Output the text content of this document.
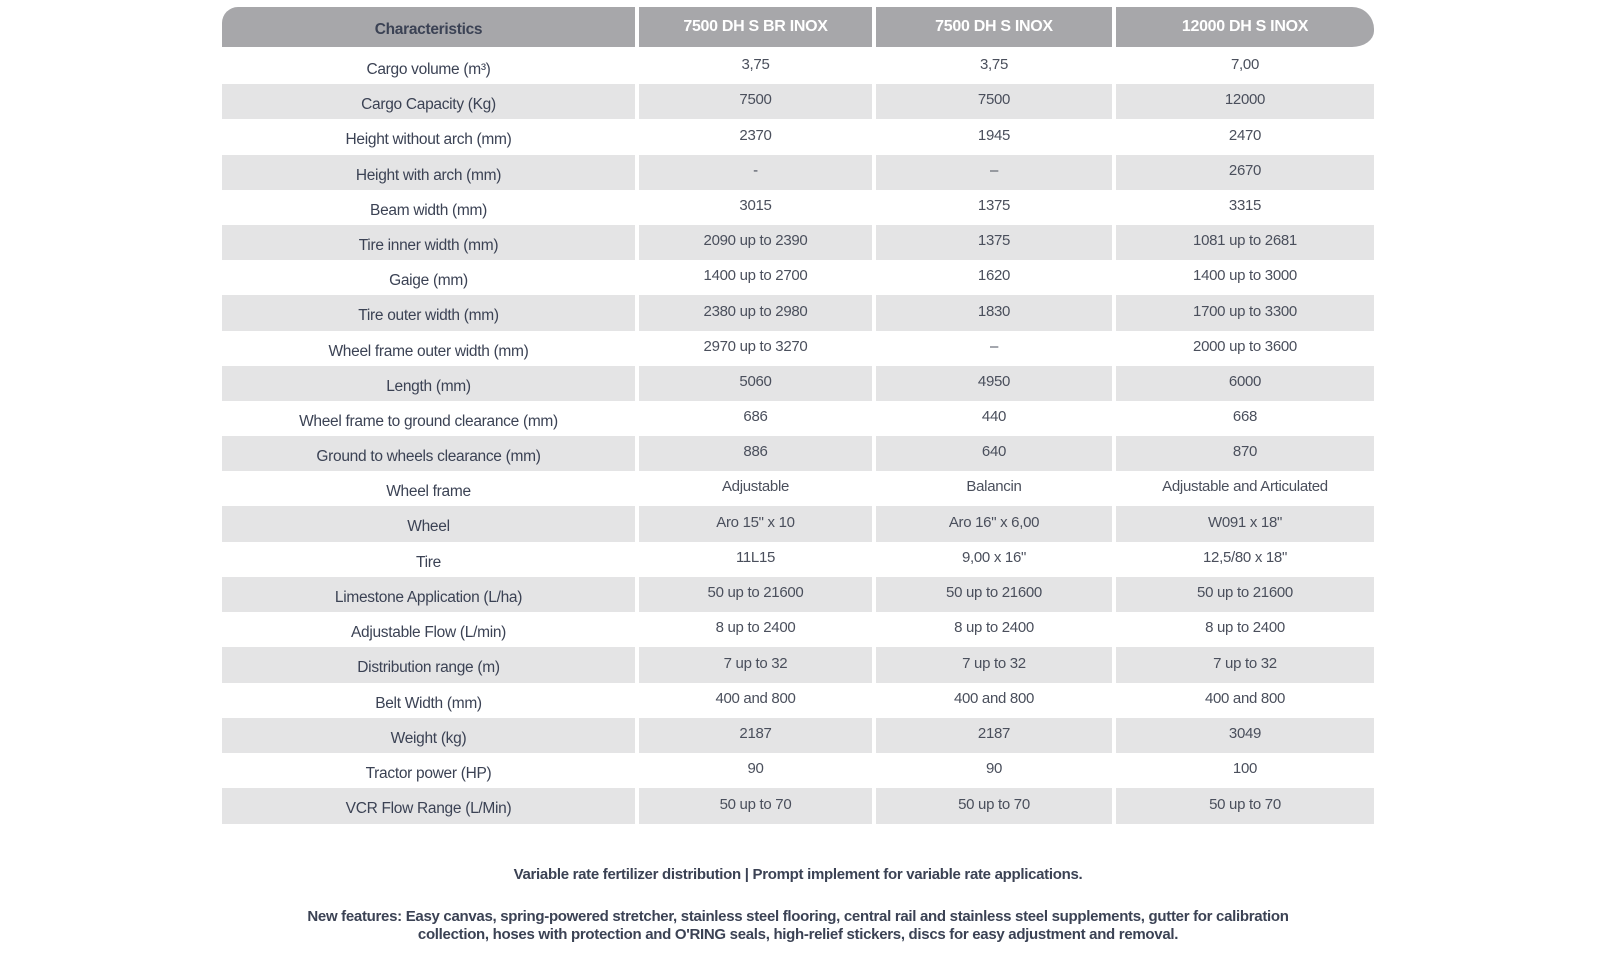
Characteristics	7500 DH S BR INOX	7500 DH S INOX	12000 DH S INOX
Cargo volume (m³)	3,75	3,75	7,00
Cargo Capacity (Kg)	7500	7500	12000
Height without arch (mm)	2370	1945	2470
Height with arch (mm)	-	–	2670
Beam width (mm)	3015	1375	3315
Tire inner width (mm)	2090 up to 2390	1375	1081 up to 2681
Gaige (mm)	1400 up to 2700	1620	1400 up to 3000
Tire outer width (mm)	2380 up to 2980	1830	1700 up to 3300
Wheel frame outer width (mm)	2970 up to 3270	–	2000 up to 3600
Length (mm)	5060	4950	6000
Wheel frame to ground clearance (mm)	686	440	668
Ground to wheels clearance (mm)	886	640	870
Wheel frame	Adjustable	Balancin	Adjustable and Articulated
Wheel	Aro 15" x 10	Aro 16" x 6,00	W091 x 18"
Tire	11L15	9,00 x 16"	12,5/80 x 18"
Limestone Application (L/ha)	50 up to 21600	50 up to 21600	50 up to 21600
Adjustable Flow (L/min)	8 up to 2400	8 up to 2400	8 up to 2400
Distribution range (m)	7 up to 32	7 up to 32	7 up to 32
Belt Width (mm)	400 and 800	400 and 800	400 and 800
Weight (kg)	2187	2187	3049
Tractor power (HP)	90	90	100
VCR Flow Range (L/Min)	50 up to 70	50 up to 70	50 up to 70
Variable rate fertilizer distribution | Prompt implement for variable rate applications.
New features: Easy canvas, spring-powered stretcher, stainless steel flooring, central rail and stainless steel supplements, gutter for calibration collection, hoses with protection and O'RING seals, high-relief stickers, discs for easy adjustment and removal.
